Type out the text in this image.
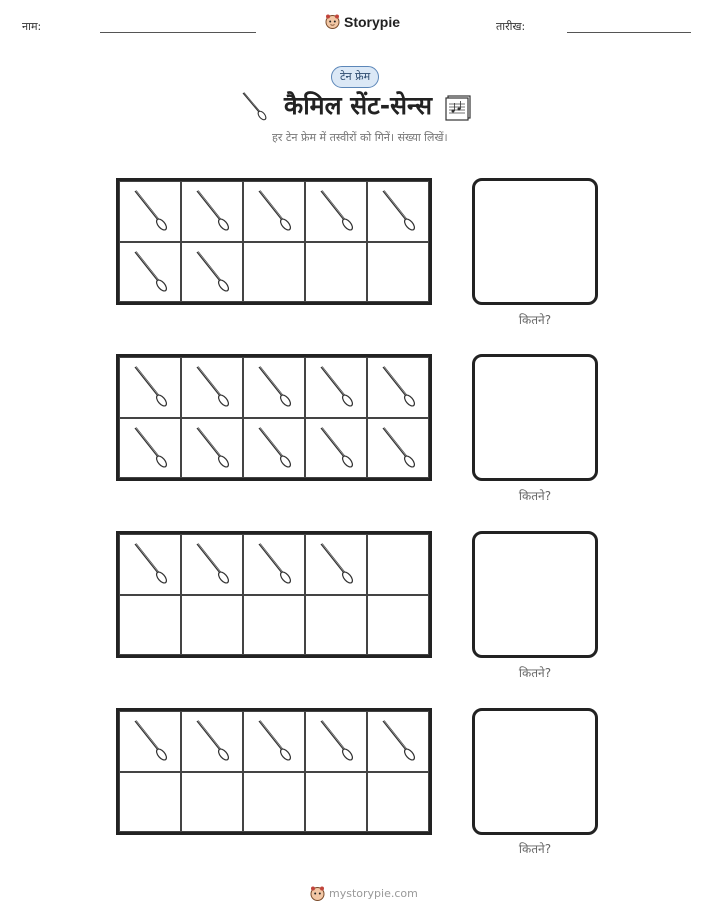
नाम:	Storypie	तारीख:
टेन फ्रेम
कैमिल सेंट-सेन्स
हर टेन फ्रेम में तस्वीरों को गिनें। संख्या लिखें।
कितने?
कितने?
कितने?
कितने?
mystorypie.com
